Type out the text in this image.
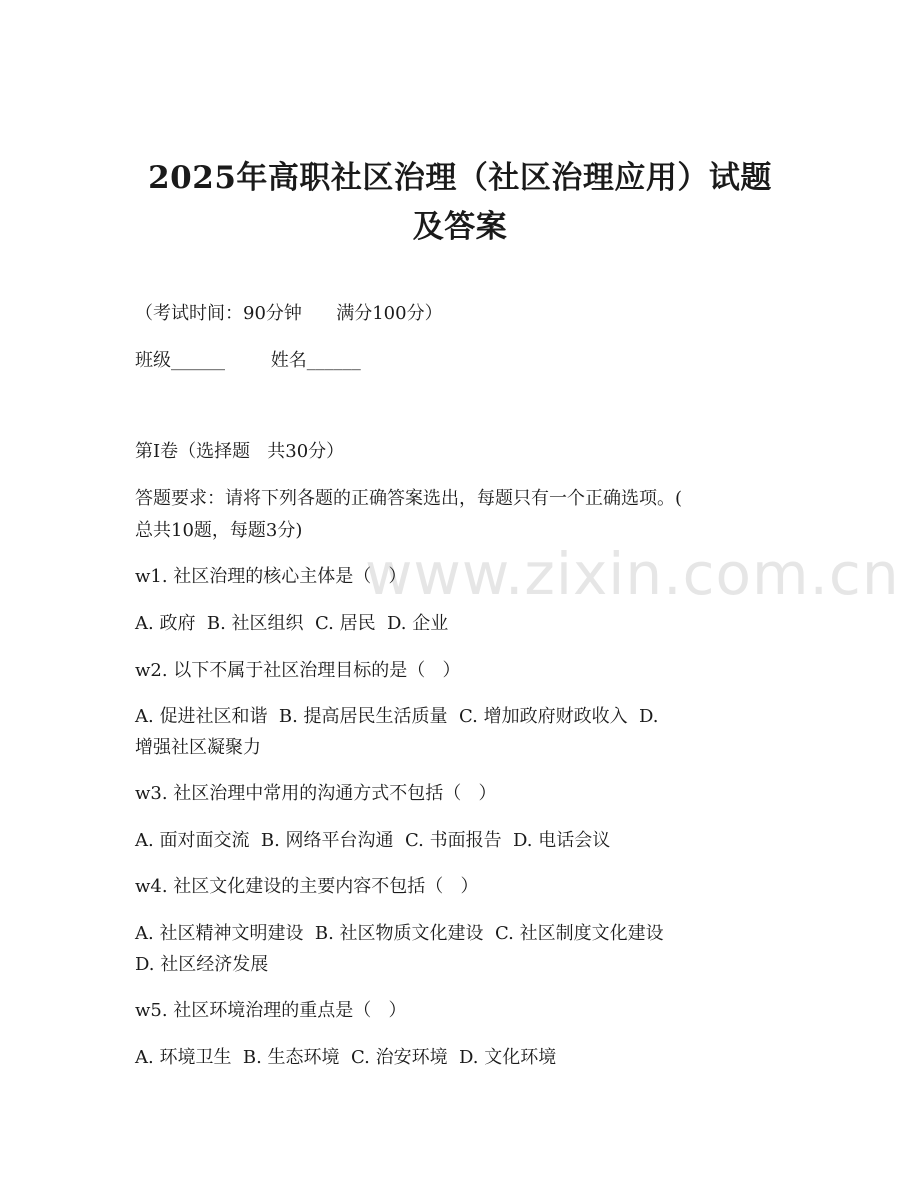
www.zixin.com.cn
2025年高职社区治理（社区治理应用）试题
及答案

（考试时间：90分钟      满分100分）

班级______        姓名______

第Ⅰ卷（选择题   共30分）

答题要求：请将下列各题的正确答案选出，每题只有一个正确选项。(

总共10题，每题3分)

w1. 社区治理的核心主体是（   ）

A. 政府  B. 社区组织  C. 居民  D. 企业

w2. 以下不属于社区治理目标的是（   ）

A. 促进社区和谐  B. 提高居民生活质量  C. 增加政府财政收入  D.

增强社区凝聚力

w3. 社区治理中常用的沟通方式不包括（   ）

A. 面对面交流  B. 网络平台沟通  C. 书面报告  D. 电话会议

w4. 社区文化建设的主要内容不包括（   ）

A. 社区精神文明建设  B. 社区物质文化建设  C. 社区制度文化建设

D. 社区经济发展

w5. 社区环境治理的重点是（   ）

A. 环境卫生  B. 生态环境  C. 治安环境  D. 文化环境
